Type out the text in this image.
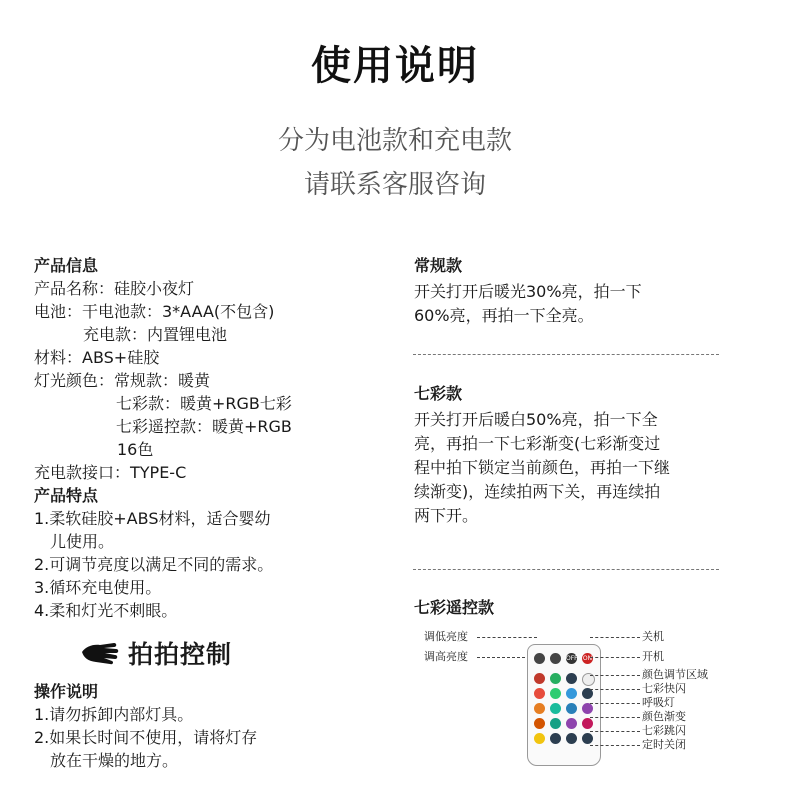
使用说明
分为电池款和充电款
请联系客服咨询
产品信息
产品名称：硅胶小夜灯
电池：干电池款：3*AAA(不包含)
充电款：内置锂电池
材料：ABS+硅胶
灯光颜色：常规款：暖黄
七彩款：暖黄+RGB七彩
七彩遥控款：暖黄+RGB
16色
充电款接口：TYPE-C
产品特点
1.柔软硅胶+ABS材料，适合婴幼
儿使用。
2.可调节亮度以满足不同的需求。
3.循环充电使用。
4.柔和灯光不刺眼。
拍拍控制
操作说明
1.请勿拆卸内部灯具。
2.如果长时间不使用，请将灯存
放在干燥的地方。
常规款
开关打开后暖光30%亮，拍一下
60%亮，再拍一下全亮。
七彩款
开关打开后暖白50%亮，拍一下全
亮，再拍一下七彩渐变(七彩渐变过
程中拍下锁定当前颜色，再拍一下继
续渐变)，连续拍两下关，再连续拍
两下开。
七彩遥控款
调低亮度
调高亮度	OFF ON
关机
开机
颜色调节区域
七彩快闪
呼吸灯
颜色渐变
七彩跳闪
定时关闭
